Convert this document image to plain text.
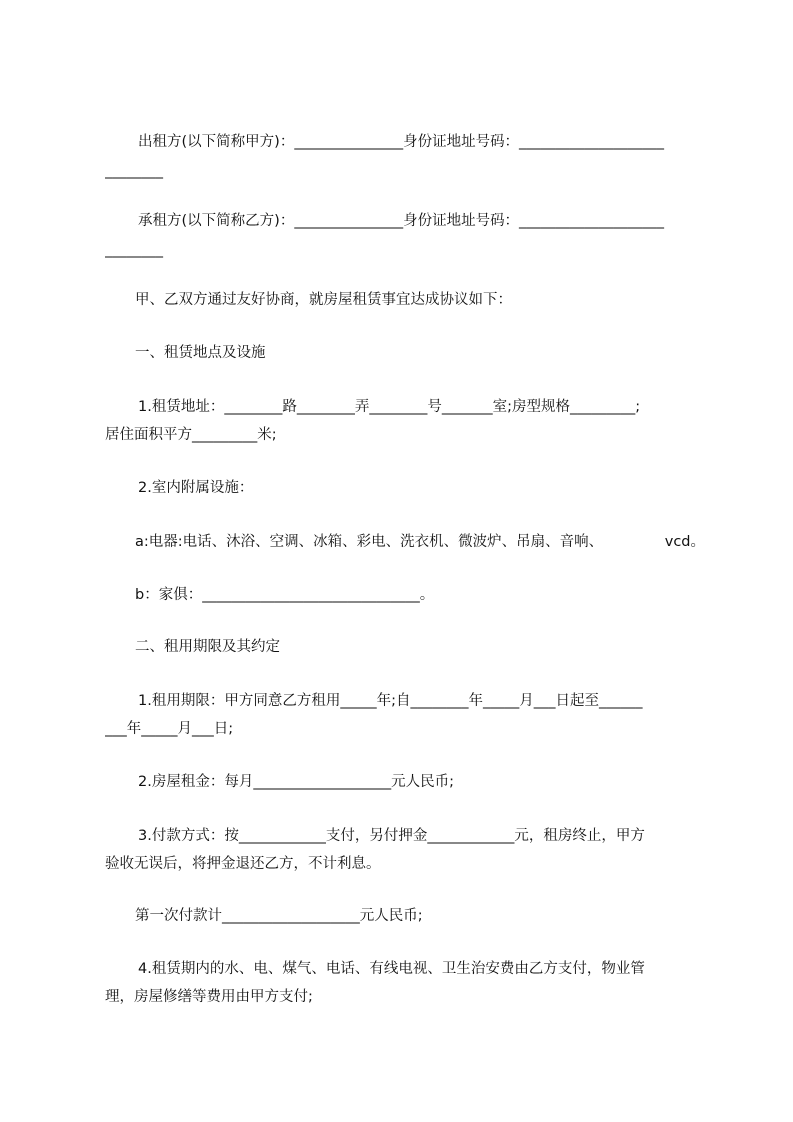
出租方(以下简称甲方)：_______________身份证地址号码：____________________
________
承租方(以下简称乙方)：_______________身份证地址号码：____________________
________
甲、乙双方通过友好协商，就房屋租赁事宜达成协议如下：
一、租赁地点及设施
1.租赁地址：________路________弄________号_______室;房型规格_________;
居住面积平方_________米;
2.室内附属设施：
a:电器:电话、沐浴、空调、冰箱、彩电、洗衣机、微波炉、吊扇、音响、	vcd。
b：家俱：______________________________。
二、租用期限及其约定
1.租用期限：甲方同意乙方租用_____年;自________年_____月___日起至______
___年_____月___日;
2.房屋租金：每月___________________元人民币;
3.付款方式：按____________支付，另付押金____________元，租房终止，甲方
验收无误后，将押金退还乙方，不计利息。
第一次付款计___________________元人民币;
4.租赁期内的水、电、煤气、电话、有线电视、卫生治安费由乙方支付，物业管
理，房屋修缮等费用由甲方支付;
